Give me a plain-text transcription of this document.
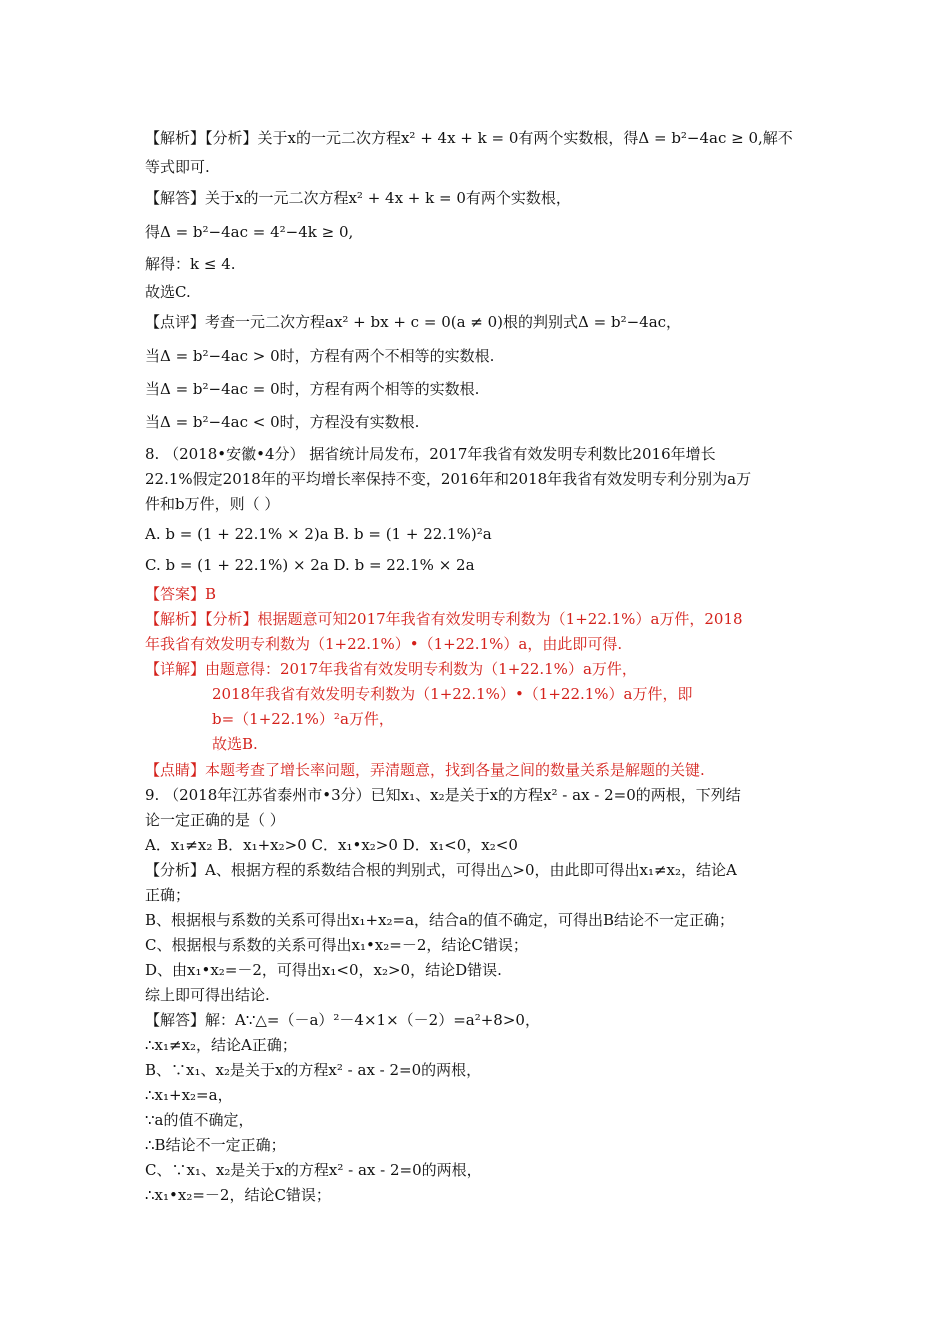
【解析】【分析】关于x的一元二次方程x² + 4x + k = 0有两个实数根，得Δ = b²−4ac ≥ 0,解不
等式即可.
【解答】关于x的一元二次方程x² + 4x + k = 0有两个实数根，
得Δ = b²−4ac = 4²−4k ≥ 0,
解得：k ≤ 4.
故选C.
【点评】考查一元二次方程ax² + bx + c = 0(a ≠ 0)根的判别式Δ = b²−4ac，
当Δ = b²−4ac > 0时，方程有两个不相等的实数根.
当Δ = b²−4ac = 0时，方程有两个相等的实数根.
当Δ = b²−4ac < 0时，方程没有实数根.
8. （2018•安徽•4分） 据省统计局发布，2017年我省有效发明专利数比2016年增长
22.1%假定2018年的平均增长率保持不变，2016年和2018年我省有效发明专利分别为a万
件和b万件，则（ ）
A. b = (1 + 22.1% × 2)a B. b = (1 + 22.1%)²a
C. b = (1 + 22.1%) × 2a D. b = 22.1% × 2a
【答案】B
【解析】【分析】根据题意可知2017年我省有效发明专利数为（1+22.1%）a万件，2018
年我省有效发明专利数为（1+22.1%）•（1+22.1%）a，由此即可得.
【详解】由题意得：2017年我省有效发明专利数为（1+22.1%）a万件，
2018年我省有效发明专利数为（1+22.1%）•（1+22.1%）a万件，即
b=（1+22.1%）²a万件，
故选B.
【点睛】本题考查了增长率问题，弄清题意，找到各量之间的数量关系是解题的关键.
9. （2018年江苏省泰州市•3分）已知x₁、x₂是关于x的方程x² - ax - 2=0的两根，下列结
论一定正确的是（ ）
A．x₁≠x₂ B．x₁+x₂>0 C．x₁•x₂>0 D．x₁<0，x₂<0
【分析】A、根据方程的系数结合根的判别式，可得出△>0，由此即可得出x₁≠x₂，结论A
正确；
B、根据根与系数的关系可得出x₁+x₂=a，结合a的值不确定，可得出B结论不一定正确；
C、根据根与系数的关系可得出x₁•x₂=－2，结论C错误；
D、由x₁•x₂=－2，可得出x₁<0，x₂>0，结论D错误.
综上即可得出结论.
【解答】解：A∵△=（－a）²－4×1×（－2）=a²+8>0，
∴x₁≠x₂，结论A正确；
B、∵x₁、x₂是关于x的方程x² - ax - 2=0的两根，
∴x₁+x₂=a，
∵a的值不确定，
∴B结论不一定正确；
C、∵x₁、x₂是关于x的方程x² - ax - 2=0的两根，
∴x₁•x₂=－2，结论C错误；
